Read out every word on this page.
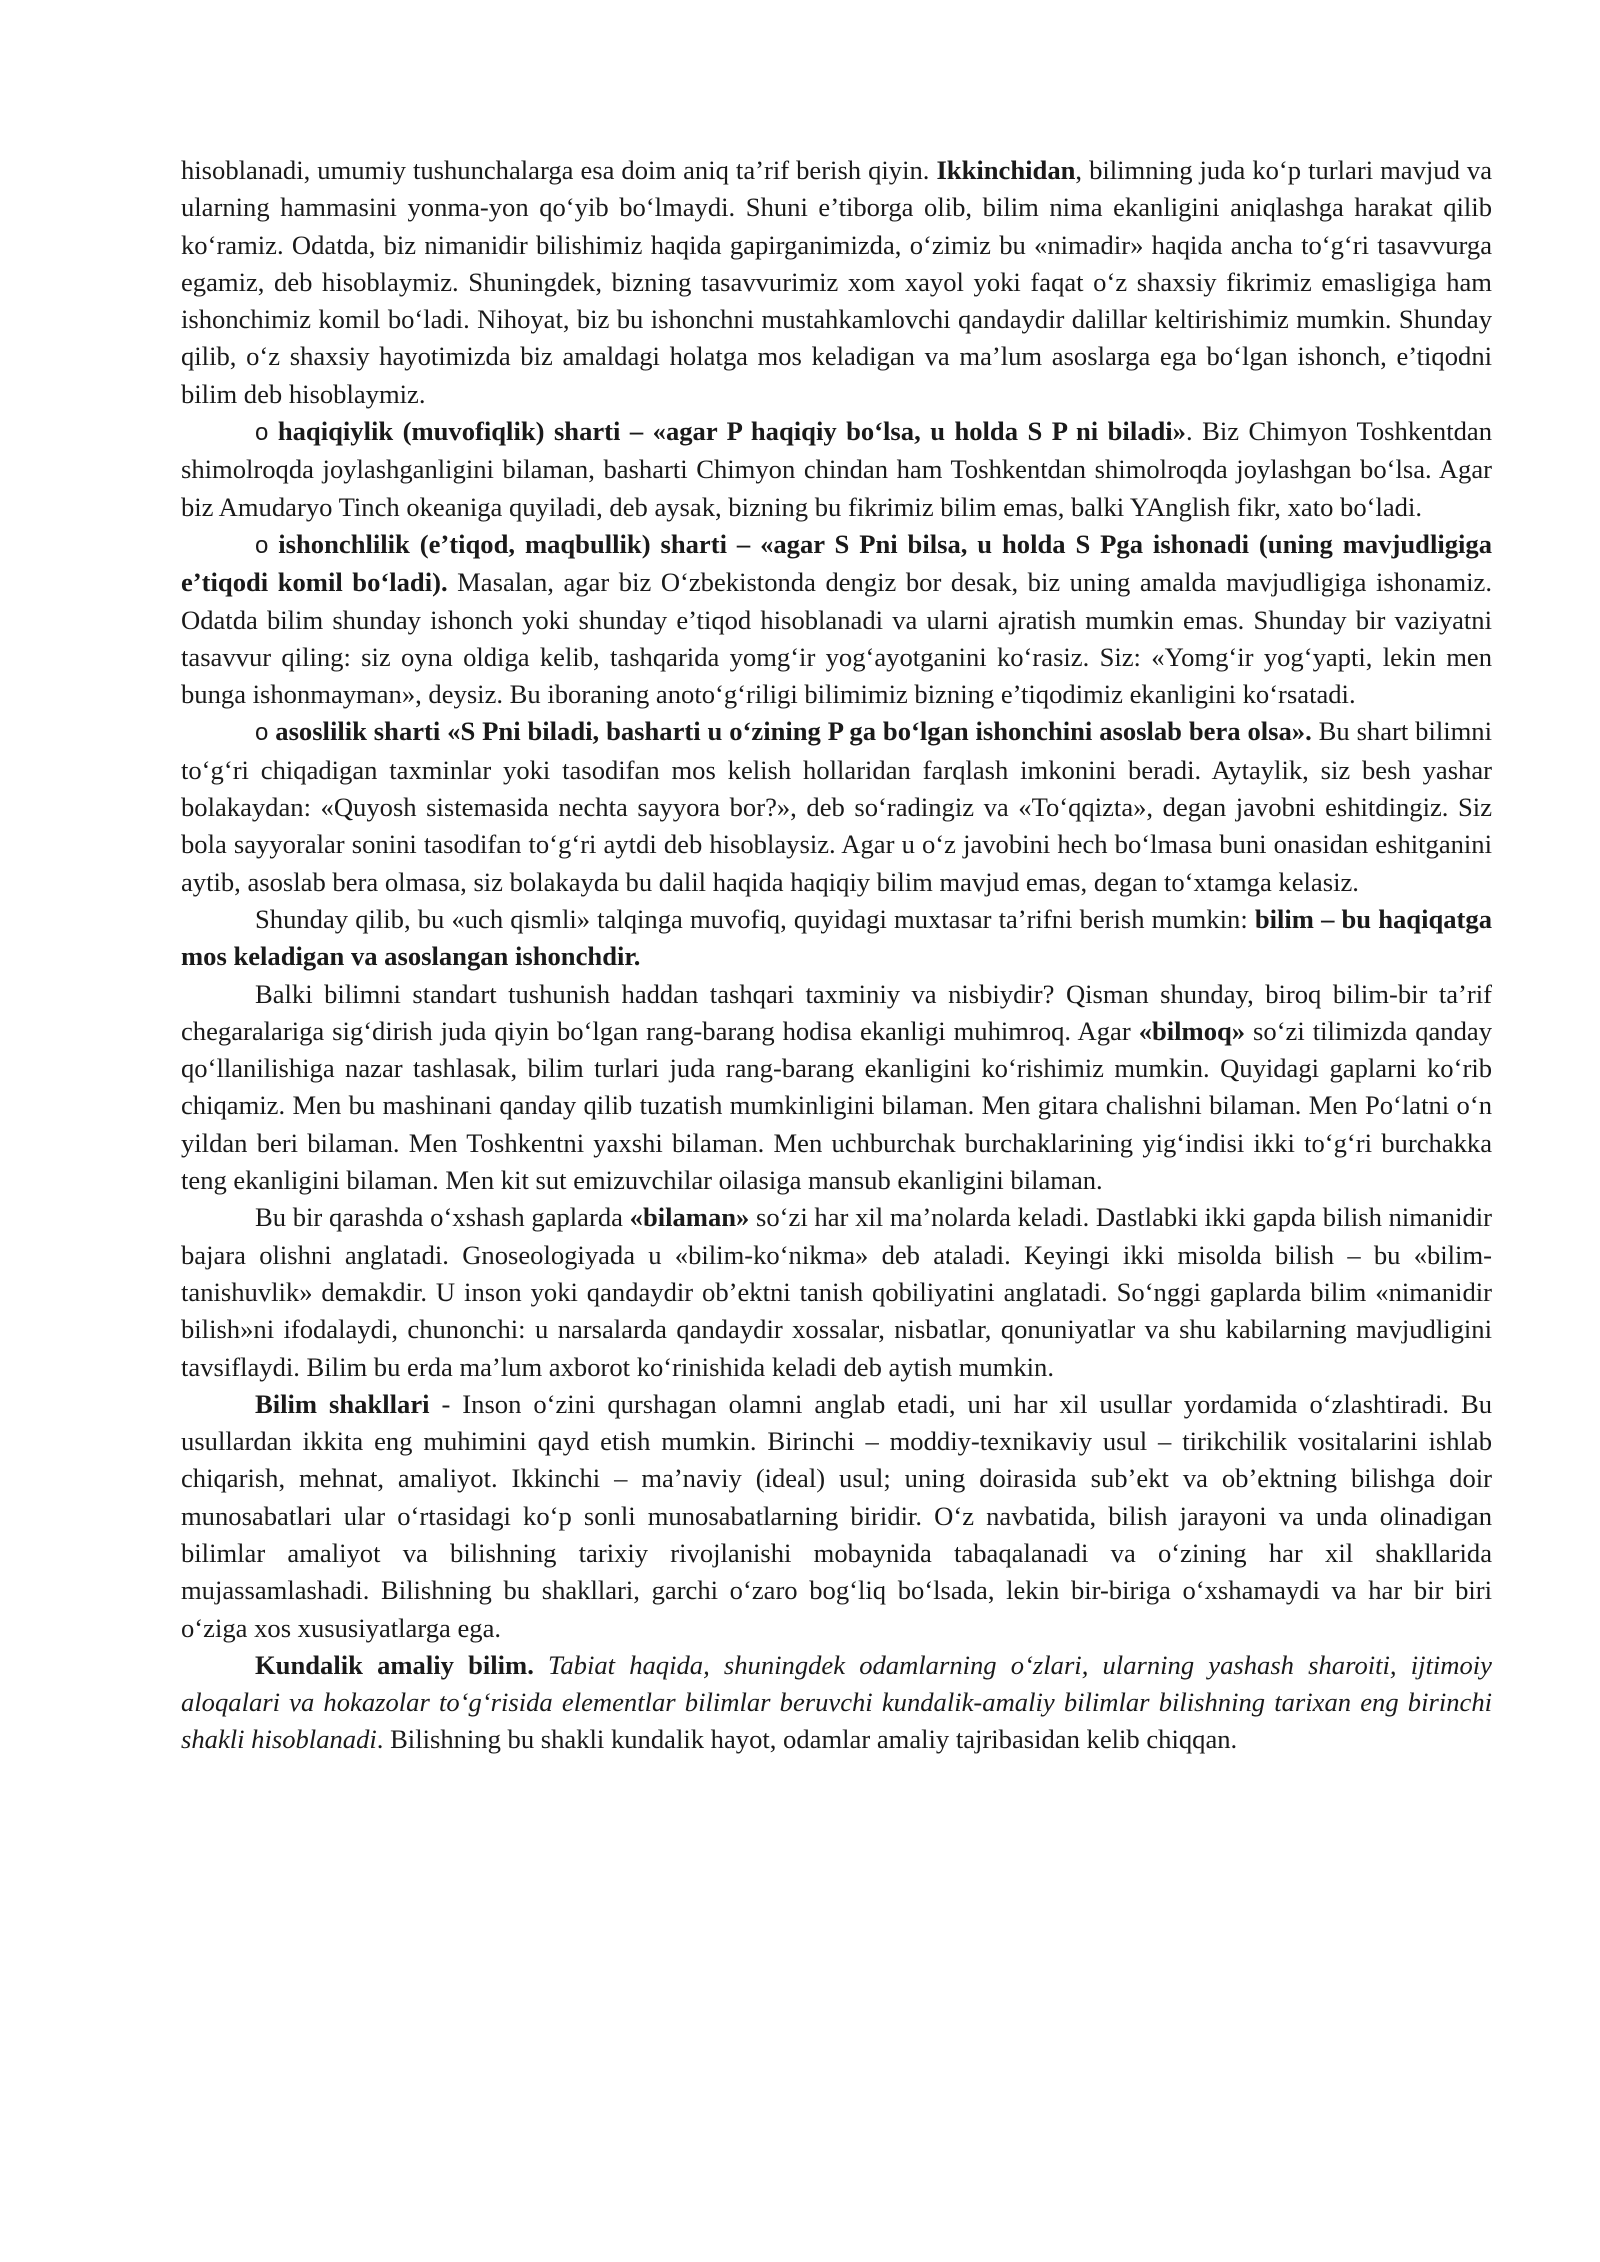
hisoblanadi, umumiy tushunchalarga esa doim aniq ta’rif berish qiyin. Ikkinchidan, bilimning juda ko‘p turlari mavjud va ularning hammasini yonma-yon qo‘yib bo‘lmaydi. Shuni e’tiborga olib, bilim nima ekanligini aniqlashga harakat qilib ko‘ramiz. Odatda, biz nimanidir bilishimiz haqida gapirganimizda, o‘zimiz bu «nimadir» haqida ancha to‘g‘ri tasavvurga egamiz, deb hisoblaymiz. Shuningdek, bizning tasavvurimiz xom xayol yoki faqat o‘z shaxsiy fikrimiz emasligiga ham ishonchimiz komil bo‘ladi. Nihoyat, biz bu ishonchni mustahkamlovchi qandaydir dalillar keltirishimiz mumkin. Shunday qilib, o‘z shaxsiy hayotimizda biz amaldagi holatga mos keladigan va ma’lum asoslarga ega bo‘lgan ishonch, e’tiqodni bilim deb hisoblaymiz.

o haqiqiylik (muvofiqlik) sharti – «agar P haqiqiy bo‘lsa, u holda S P ni biladi». Biz Chimyon Toshkentdan shimolroqda joylashganligini bilaman, basharti Chimyon chindan ham Toshkentdan shimolroqda joylashgan bo‘lsa. Agar biz Amudaryo Tinch okeaniga quyiladi, deb aysak, bizning bu fikrimiz bilim emas, balki YAnglish fikr, xato bo‘ladi.

o ishonchlilik (e’tiqod, maqbullik) sharti – «agar S Pni bilsa, u holda S Pga ishonadi (uning mavjudligiga e’tiqodi komil bo‘ladi). Masalan, agar biz O‘zbekistonda dengiz bor desak, biz uning amalda mavjudligiga ishonamiz. Odatda bilim shunday ishonch yoki shunday e’tiqod hisoblanadi va ularni ajratish mumkin emas. Shunday bir vaziyatni tasavvur qiling: siz oyna oldiga kelib, tashqarida yomg‘ir yog‘ayotganini ko‘rasiz. Siz: «Yomg‘ir yog‘yapti, lekin men bunga ishonmayman», deysiz. Bu iboraning anoto‘g‘riligi bilimimiz bizning e’tiqodimiz ekanligini ko‘rsatadi.

o asoslilik sharti «S Pni biladi, basharti u o‘zining P ga bo‘lgan ishonchini asoslab bera olsa». Bu shart bilimni to‘g‘ri chiqadigan taxminlar yoki tasodifan mos kelish hollaridan farqlash imkonini beradi. Aytaylik, siz besh yashar bolakaydan: «Quyosh sistemasida nechta sayyora bor?», deb so‘radingiz va «To‘qqizta», degan javobni eshitdingiz. Siz bola sayyoralar sonini tasodifan to‘g‘ri aytdi deb hisoblaysiz. Agar u o‘z javobini hech bo‘lmasa buni onasidan eshitganini aytib, asoslab bera olmasa, siz bolakayda bu dalil haqida haqiqiy bilim mavjud emas, degan to‘xtamga kelasiz.

Shunday qilib, bu «uch qismli» talqinga muvofiq, quyidagi muxtasar ta’rifni berish mumkin: bilim – bu haqiqatga mos keladigan va asoslangan ishonchdir.

Balki bilimni standart tushunish haddan tashqari taxminiy va nisbiydir? Qisman shunday, biroq bilim-bir ta’rif chegaralariga sig‘dirish juda qiyin bo‘lgan rang-barang hodisa ekanligi muhimroq. Agar «bilmoq» so‘zi tilimizda qanday qo‘llanilishiga nazar tashlasak, bilim turlari juda rang-barang ekanligini ko‘rishimiz mumkin. Quyidagi gaplarni ko‘rib chiqamiz. Men bu mashinani qanday qilib tuzatish mumkinligini bilaman. Men gitara chalishni bilaman. Men Po‘latni o‘n yildan beri bilaman. Men Toshkentni yaxshi bilaman. Men uchburchak burchaklarining yig‘indisi ikki to‘g‘ri burchakka teng ekanligini bilaman. Men kit sut emizuvchilar oilasiga mansub ekanligini bilaman.

Bu bir qarashda o‘xshash gaplarda «bilaman» so‘zi har xil ma’nolarda keladi. Dastlabki ikki gapda bilish nimanidir bajara olishni anglatadi. Gnoseologiyada u «bilim-ko‘nikma» deb ataladi. Keyingi ikki misolda bilish – bu «bilim-tanishuvlik» demakdir. U inson yoki qandaydir ob’ektni tanish qobiliyatini anglatadi. So‘nggi gaplarda bilim «nimanidir bilish»ni ifodalaydi, chunonchi: u narsalarda qandaydir xossalar, nisbatlar, qonuniyatlar va shu kabilarning mavjudligini tavsiflaydi. Bilim bu erda ma’lum axborot ko‘rinishida keladi deb aytish mumkin.

Bilim shakllari - Inson o‘zini qurshagan olamni anglab etadi, uni har xil usullar yordamida o‘zlashtiradi. Bu usullardan ikkita eng muhimini qayd etish mumkin. Birinchi – moddiy-texnikaviy usul – tirikchilik vositalarini ishlab chiqarish, mehnat, amaliyot. Ikkinchi – ma’naviy (ideal) usul; uning doirasida sub’ekt va ob’ektning bilishga doir munosabatlari ular o‘rtasidagi ko‘p sonli munosabatlarning biridir. O‘z navbatida, bilish jarayoni va unda olinadigan bilimlar amaliyot va bilishning tarixiy rivojlanishi mobaynida tabaqalanadi va o‘zining har xil shakllarida mujassamlashadi. Bilishning bu shakllari, garchi o‘zaro bog‘liq bo‘lsada, lekin bir-biriga o‘xshamaydi va har bir biri o‘ziga xos xususiyatlarga ega.

Kundalik amaliy bilim. Tabiat haqida, shuningdek odamlarning o‘zlari, ularning yashash sharoiti, ijtimoiy aloqalari va hokazolar to‘g‘risida elementlar bilimlar beruvchi kundalik-amaliy bilimlar bilishning tarixan eng birinchi shakli hisoblanadi. Bilishning bu shakli kundalik hayot, odamlar amaliy tajribasidan kelib chiqqan.
